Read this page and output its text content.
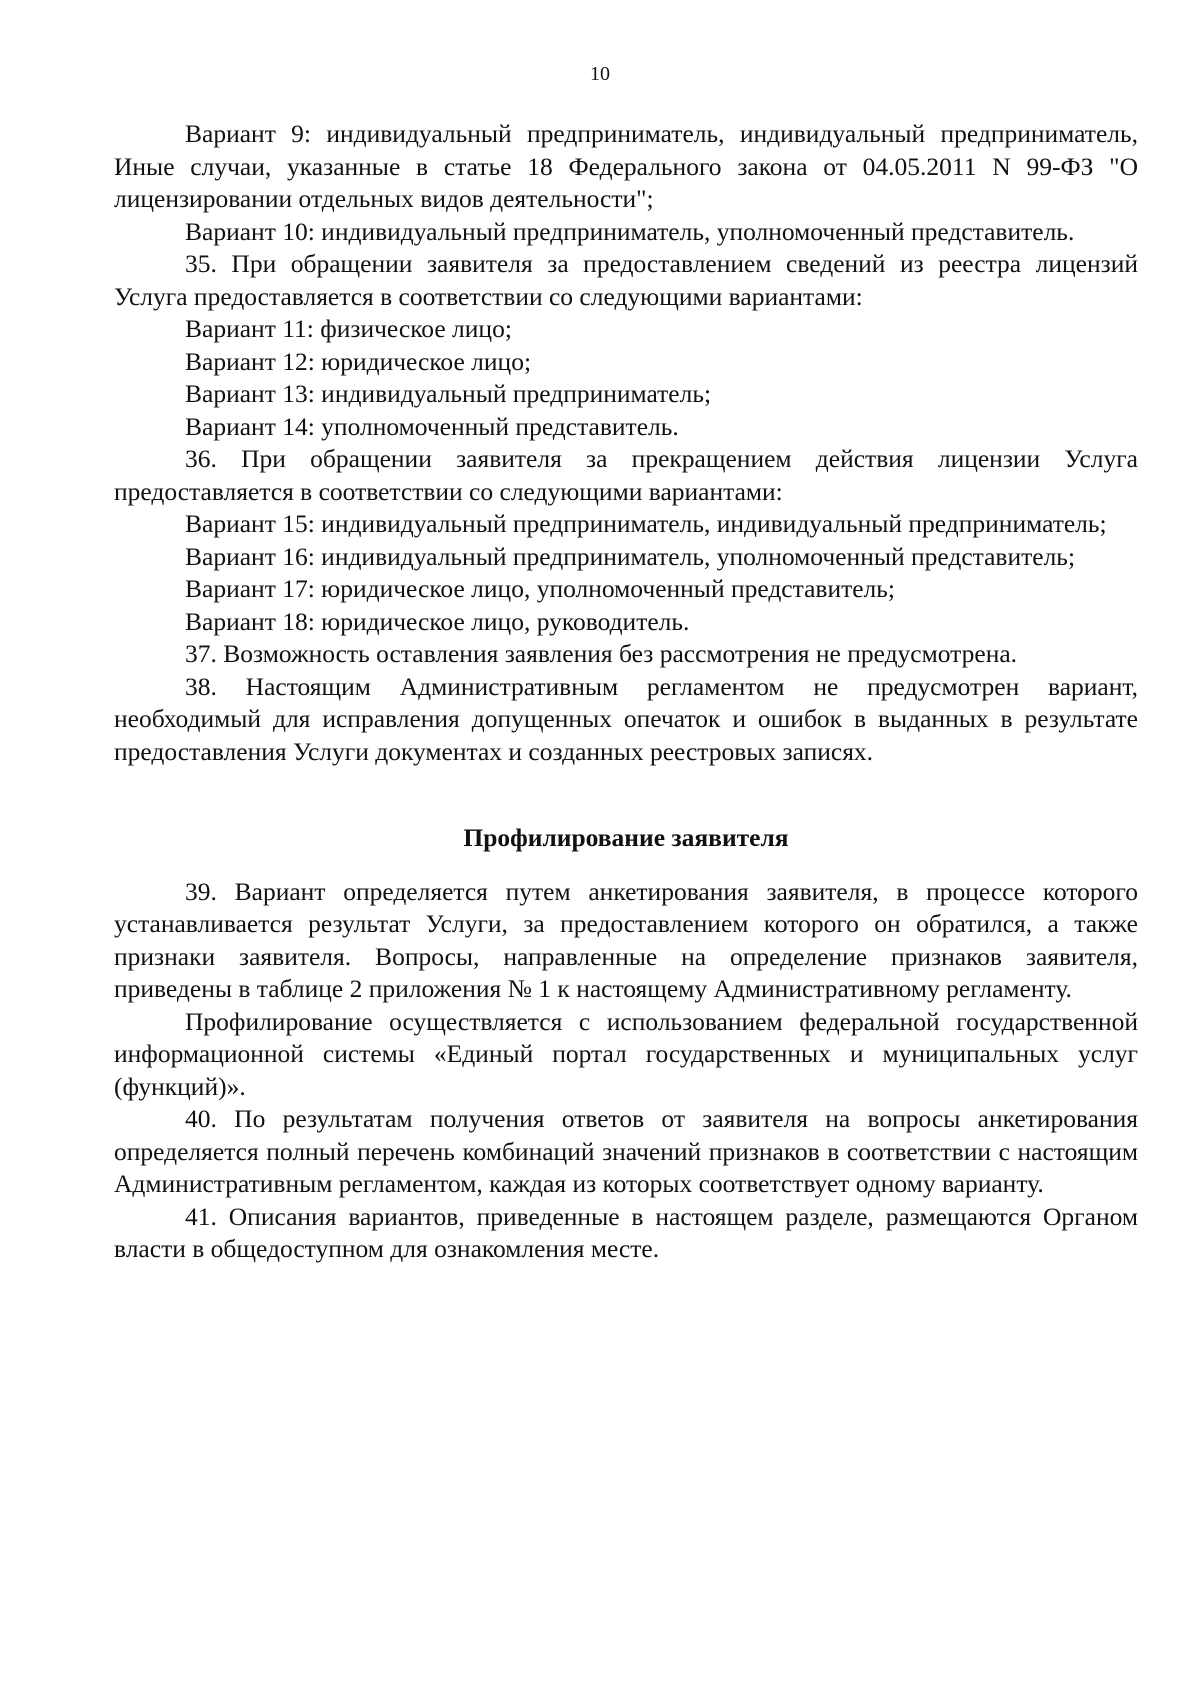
10

Вариант 9: индивидуальный предприниматель, индивидуальный предприниматель, Иные случаи, указанные в статье 18 Федерального закона от 04.05.2011 N 99-ФЗ "О лицензировании отдельных видов деятельности";

Вариант 10: индивидуальный предприниматель, уполномоченный представитель.

35. При обращении заявителя за предоставлением сведений из реестра лицензий Услуга предоставляется в соответствии со следующими вариантами:

Вариант 11: физическое лицо;

Вариант 12: юридическое лицо;

Вариант 13: индивидуальный предприниматель;

Вариант 14: уполномоченный представитель.

36. При обращении заявителя за прекращением действия лицензии Услуга предоставляется в соответствии со следующими вариантами:

Вариант 15: индивидуальный предприниматель, индивидуальный предприниматель;

Вариант 16: индивидуальный предприниматель, уполномоченный представитель;

Вариант 17: юридическое лицо, уполномоченный представитель;

Вариант 18: юридическое лицо, руководитель.

37. Возможность оставления заявления без рассмотрения не предусмотрена.

38. Настоящим Административным регламентом не предусмотрен вариант, необходимый для исправления допущенных опечаток и ошибок в выданных в результате предоставления Услуги документах и созданных реестровых записях.

Профилирование заявителя

39. Вариант определяется путем анкетирования заявителя, в процессе которого устанавливается результат Услуги, за предоставлением которого он обратился, а также признаки заявителя. Вопросы, направленные на определение признаков заявителя, приведены в таблице 2 приложения № 1 к настоящему Административному регламенту.

Профилирование осуществляется с использованием федеральной государственной информационной системы «Единый портал государственных и муниципальных услуг (функций)».

40. По результатам получения ответов от заявителя на вопросы анкетирования определяется полный перечень комбинаций значений признаков в соответствии с настоящим Административным регламентом, каждая из которых соответствует одному варианту.

41. Описания вариантов, приведенные в настоящем разделе, размещаются Органом власти в общедоступном для ознакомления месте.
